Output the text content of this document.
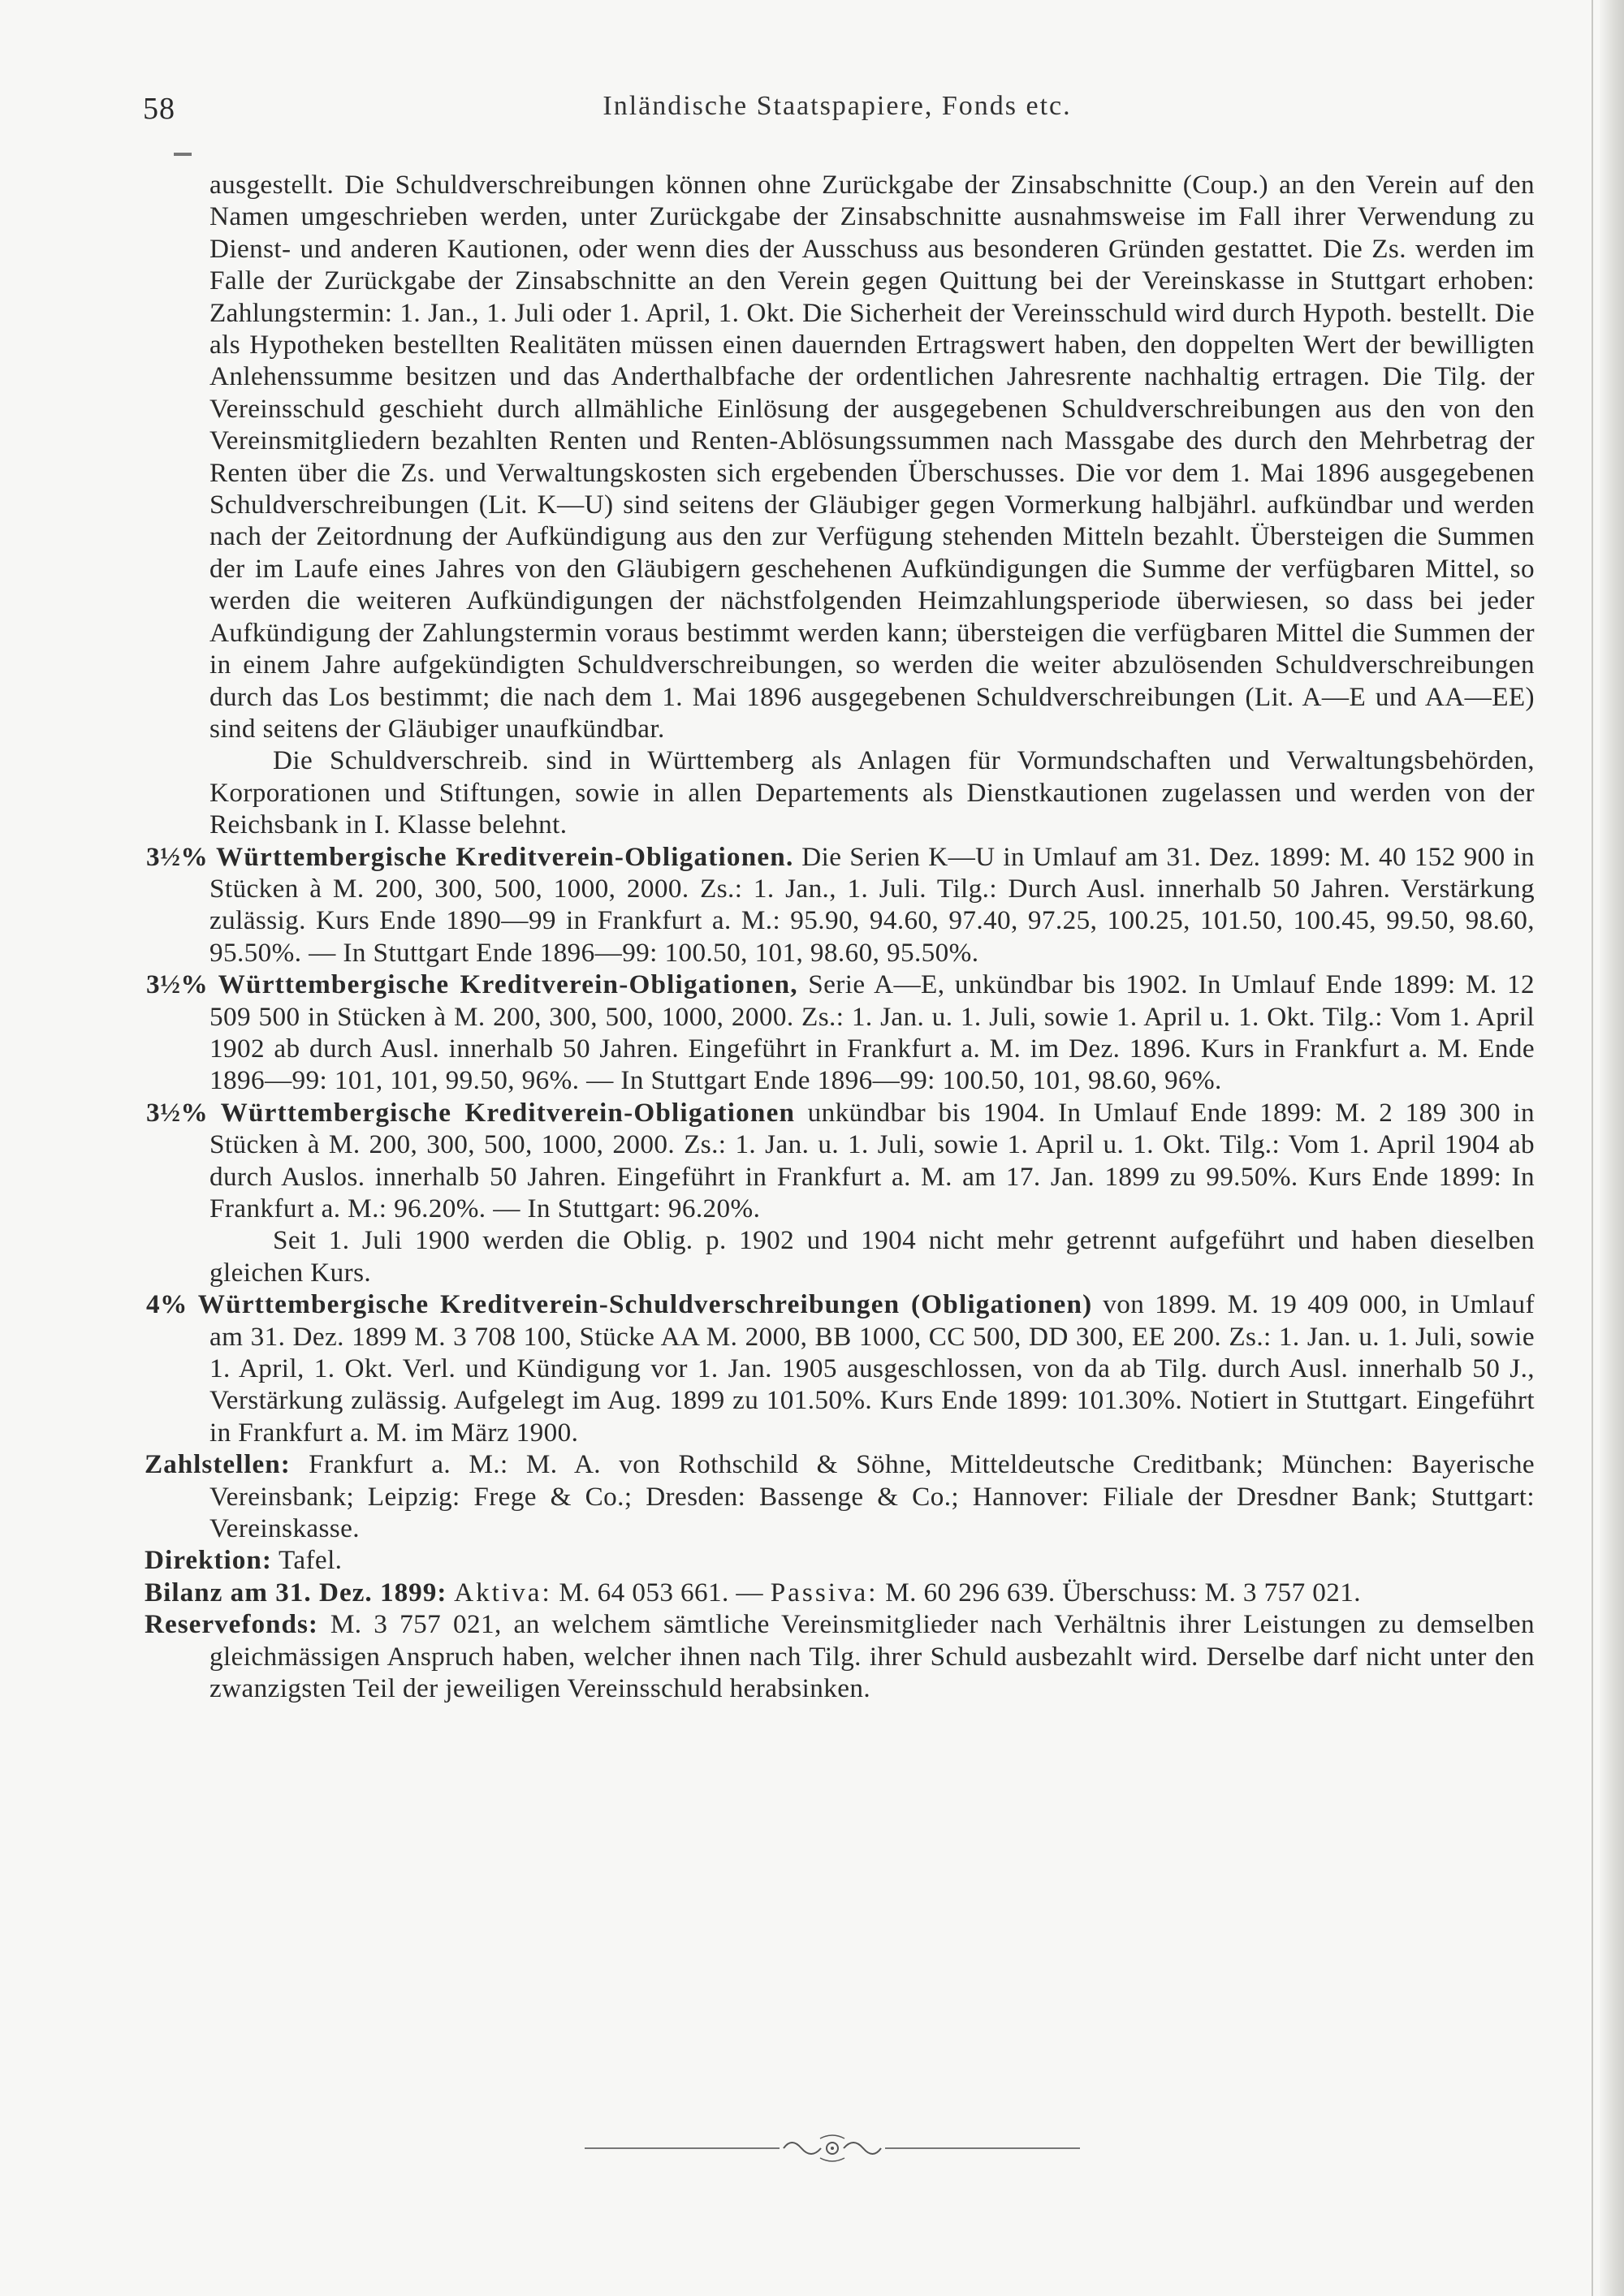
58	Inländische Staatspapiere, Fonds etc.

ausgestellt. Die Schuldverschreibungen können ohne Zurückgabe der Zinsabschnitte (Coup.) an den Verein auf den Namen umgeschrieben werden, unter Zurückgabe der Zinsabschnitte ausnahmsweise im Fall ihrer Verwendung zu Dienst- und anderen Kautionen, oder wenn dies der Ausschuss aus besonderen Gründen gestattet. Die Zs. werden im Falle der Zurückgabe der Zinsabschnitte an den Verein gegen Quittung bei der Vereinskasse in Stuttgart erhoben: Zahlungstermin: 1. Jan., 1. Juli oder 1. April, 1. Okt. Die Sicherheit der Vereinsschuld wird durch Hypoth. bestellt. Die als Hypotheken bestellten Realitäten müssen einen dauernden Ertragswert haben, den doppelten Wert der bewilligten Anlehenssumme besitzen und das Anderthalbfache der ordentlichen Jahresrente nachhaltig ertragen. Die Tilg. der Vereinsschuld geschieht durch allmähliche Einlösung der ausgegebenen Schuldverschreibungen aus den von den Vereinsmitgliedern bezahlten Renten und Renten-Ablösungssummen nach Massgabe des durch den Mehrbetrag der Renten über die Zs. und Verwaltungskosten sich ergebenden Überschusses. Die vor dem 1. Mai 1896 ausgegebenen Schuldverschreibungen (Lit. K—U) sind seitens der Gläubiger gegen Vormerkung halbjährl. aufkündbar und werden nach der Zeitordnung der Aufkündigung aus den zur Verfügung stehenden Mitteln bezahlt. Übersteigen die Summen der im Laufe eines Jahres von den Gläubigern geschehenen Aufkündigungen die Summe der verfügbaren Mittel, so werden die weiteren Aufkündigungen der nächstfolgenden Heimzahlungsperiode überwiesen, so dass bei jeder Aufkündigung der Zahlungstermin voraus bestimmt werden kann; übersteigen die verfügbaren Mittel die Summen der in einem Jahre aufgekündigten Schuldverschreibungen, so werden die weiter abzulösenden Schuldverschreibungen durch das Los bestimmt; die nach dem 1. Mai 1896 ausgegebenen Schuldverschreibungen (Lit. A—E und AA—EE) sind seitens der Gläubiger unaufkündbar.

Die Schuldverschreib. sind in Württemberg als Anlagen für Vormundschaften und Verwaltungsbehörden, Korporationen und Stiftungen, sowie in allen Departements als Dienstkautionen zugelassen und werden von der Reichsbank in I. Klasse belehnt.

3½% Württembergische Kreditverein-Obligationen. Die Serien K—U in Umlauf am 31. Dez. 1899: M. 40 152 900 in Stücken à M. 200, 300, 500, 1000, 2000. Zs.: 1. Jan., 1. Juli. Tilg.: Durch Ausl. innerhalb 50 Jahren. Verstärkung zulässig. Kurs Ende 1890—99 in Frankfurt a. M.: 95.90, 94.60, 97.40, 97.25, 100.25, 101.50, 100.45, 99.50, 98.60, 95.50%. — In Stuttgart Ende 1896—99: 100.50, 101, 98.60, 95.50%.

3½% Württembergische Kreditverein-Obligationen, Serie A—E, unkündbar bis 1902. In Umlauf Ende 1899: M. 12 509 500 in Stücken à M. 200, 300, 500, 1000, 2000. Zs.: 1. Jan. u. 1. Juli, sowie 1. April u. 1. Okt. Tilg.: Vom 1. April 1902 ab durch Ausl. innerhalb 50 Jahren. Eingeführt in Frankfurt a. M. im Dez. 1896. Kurs in Frankfurt a. M. Ende 1896—99: 101, 101, 99.50, 96%. — In Stuttgart Ende 1896—99: 100.50, 101, 98.60, 96%.

3½% Württembergische Kreditverein-Obligationen unkündbar bis 1904. In Umlauf Ende 1899: M. 2 189 300 in Stücken à M. 200, 300, 500, 1000, 2000. Zs.: 1. Jan. u. 1. Juli, sowie 1. April u. 1. Okt. Tilg.: Vom 1. April 1904 ab durch Auslos. innerhalb 50 Jahren. Eingeführt in Frankfurt a. M. am 17. Jan. 1899 zu 99.50%. Kurs Ende 1899: In Frankfurt a. M.: 96.20%. — In Stuttgart: 96.20%.

Seit 1. Juli 1900 werden die Oblig. p. 1902 und 1904 nicht mehr getrennt aufgeführt und haben dieselben gleichen Kurs.

4% Württembergische Kreditverein-Schuldverschreibungen (Obligationen) von 1899. M. 19 409 000, in Umlauf am 31. Dez. 1899 M. 3 708 100, Stücke AA M. 2000, BB 1000, CC 500, DD 300, EE 200. Zs.: 1. Jan. u. 1. Juli, sowie 1. April, 1. Okt. Verl. und Kündigung vor 1. Jan. 1905 ausgeschlossen, von da ab Tilg. durch Ausl. innerhalb 50 J., Verstärkung zulässig. Aufgelegt im Aug. 1899 zu 101.50%. Kurs Ende 1899: 101.30%. Notiert in Stuttgart. Eingeführt in Frankfurt a. M. im März 1900.

Zahlstellen: Frankfurt a. M.: M. A. von Rothschild & Söhne, Mitteldeutsche Creditbank; München: Bayerische Vereinsbank; Leipzig: Frege & Co.; Dresden: Bassenge & Co.; Hannover: Filiale der Dresdner Bank; Stuttgart: Vereinskasse.

Direktion: Tafel.

Bilanz am 31. Dez. 1899: Aktiva: M. 64 053 661. — Passiva: M. 60 296 639. Überschuss: M. 3 757 021.

Reservefonds: M. 3 757 021, an welchem sämtliche Vereinsmitglieder nach Verhältnis ihrer Leistungen zu demselben gleichmässigen Anspruch haben, welcher ihnen nach Tilg. ihrer Schuld ausbezahlt wird. Derselbe darf nicht unter den zwanzigsten Teil der jeweiligen Vereinsschuld herabsinken.
